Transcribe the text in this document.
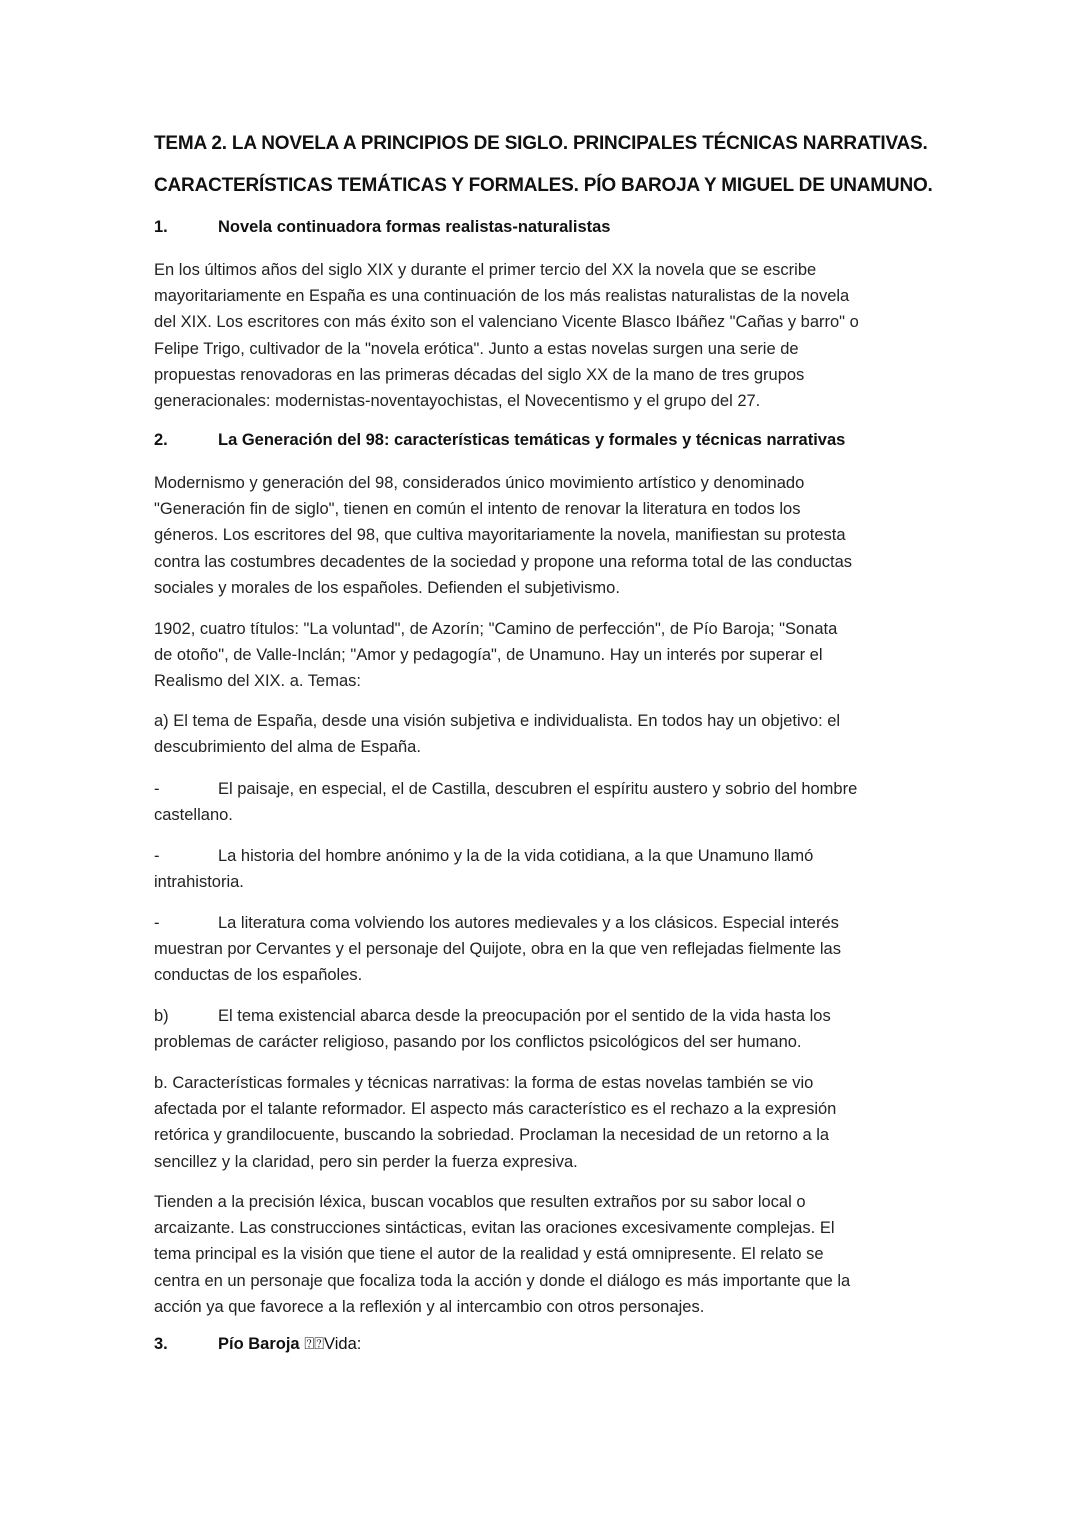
TEMA 2. LA NOVELA A PRINCIPIOS DE SIGLO. PRINCIPALES TÉCNICAS NARRATIVAS.
CARACTERÍSTICAS TEMÁTICAS Y FORMALES. PÍO BAROJA Y MIGUEL DE UNAMUNO.
1.	Novela continuadora formas realistas-naturalistas
En los últimos años del siglo XIX y durante el primer tercio del XX la novela que se escribe
mayoritariamente en España es una continuación de los más realistas naturalistas de la novela
del XIX. Los escritores con más éxito son el valenciano Vicente Blasco Ibáñez "Cañas y barro" o
Felipe Trigo, cultivador de la "novela erótica". Junto a estas novelas surgen una serie de
propuestas renovadoras en las primeras décadas del siglo XX de la mano de tres grupos
generacionales: modernistas-noventayochistas, el Novecentismo y el grupo del 27.
2.	La Generación del 98: características temáticas y formales y técnicas narrativas
Modernismo y generación del 98, considerados único movimiento artístico y denominado
"Generación fin de siglo", tienen en común el intento de renovar la literatura en todos los
géneros. Los escritores del 98, que cultiva mayoritariamente la novela, manifiestan su protesta
contra las costumbres decadentes de la sociedad y propone una reforma total de las conductas
sociales y morales de los españoles. Defienden el subjetivismo.
1902, cuatro títulos: "La voluntad", de Azorín; "Camino de perfección", de Pío Baroja; "Sonata
de otoño", de Valle-Inclán; "Amor y pedagogía", de Unamuno. Hay un interés por superar el
Realismo del XIX. a. Temas:
a) El tema de España, desde una visión subjetiva e individualista. En todos hay un objetivo: el
descubrimiento del alma de España.
-	El paisaje, en especial, el de Castilla, descubren el espíritu austero y sobrio del hombre
castellano.
-	La historia del hombre anónimo y la de la vida cotidiana, a la que Unamuno llamó
intrahistoria.
-	La literatura coma volviendo los autores medievales y a los clásicos. Especial interés
muestran por Cervantes y el personaje del Quijote, obra en la que ven reflejadas fielmente las
conductas de los españoles.
b)	El tema existencial abarca desde la preocupación por el sentido de la vida hasta los
problemas de carácter religioso, pasando por los conflictos psicológicos del ser humano.
b. Características formales y técnicas narrativas: la forma de estas novelas también se vio
afectada por el talante reformador. El aspecto más característico es el rechazo a la expresión
retórica y grandilocuente, buscando la sobriedad. Proclaman la necesidad de un retorno a la
sencillez y la claridad, pero sin perder la fuerza expresiva.
Tienden a la precisión léxica, buscan vocablos que resulten extraños por su sabor local o
arcaizante. Las construcciones sintácticas, evitan las oraciones excesivamente complejas. El
tema principal es la visión que tiene el autor de la realidad y está omnipresente. El relato se
centra en un personaje que focaliza toda la acción y donde el diálogo es más importante que la
acción ya que favorece a la reflexión y al intercambio con otros personajes.
3.	Pío Baroja ⍰⍰Vida:
